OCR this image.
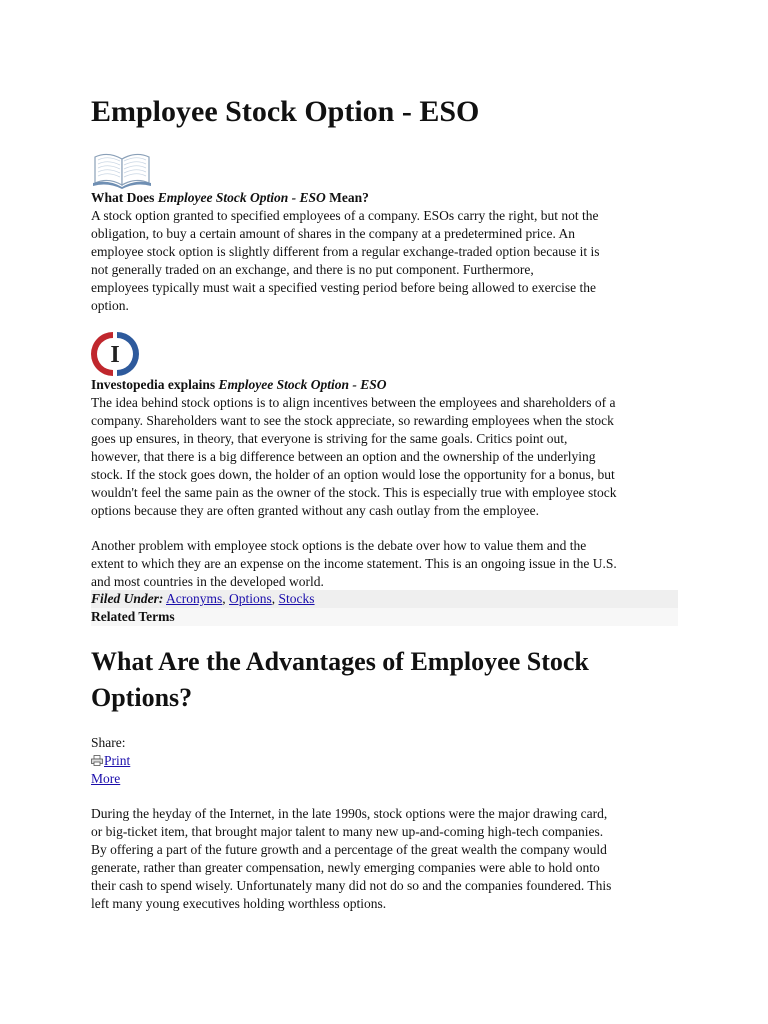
Employee Stock Option - ESO

What Does Employee Stock Option - ESO Mean?

A stock option granted to specified employees of a company. ESOs carry the right, but not the
obligation, to buy a certain amount of shares in the company at a predetermined price. An
employee stock option is slightly different from a regular exchange-traded option because it is
not generally traded on an exchange, and there is no put component. Furthermore,
employees typically must wait a specified vesting period before being allowed to exercise the
option.

I

Investopedia explains Employee Stock Option - ESO

The idea behind stock options is to align incentives between the employees and shareholders of a
company. Shareholders want to see the stock appreciate, so rewarding employees when the stock
goes up ensures, in theory, that everyone is striving for the same goals. Critics point out,
however, that there is a big difference between an option and the ownership of the underlying
stock. If the stock goes down, the holder of an option would lose the opportunity for a bonus, but
wouldn't feel the same pain as the owner of the stock. This is especially true with employee stock
options because they are often granted without any cash outlay from the employee.

Another problem with employee stock options is the debate over how to value them and the
extent to which they are an expense on the income statement. This is an ongoing issue in the U.S.
and most countries in the developed world.

Filed Under: Acronyms, Options, Stocks
Related Terms
What Are the Advantages of Employee Stock
Options?
Share:
Print
More

During the heyday of the Internet, in the late 1990s, stock options were the major drawing card,
or big-ticket item, that brought major talent to many new up-and-coming high-tech companies.
By offering a part of the future growth and a percentage of the great wealth the company would
generate, rather than greater compensation, newly emerging companies were able to hold onto
their cash to spend wisely. Unfortunately many did not do so and the companies foundered. This
left many young executives holding worthless options.
